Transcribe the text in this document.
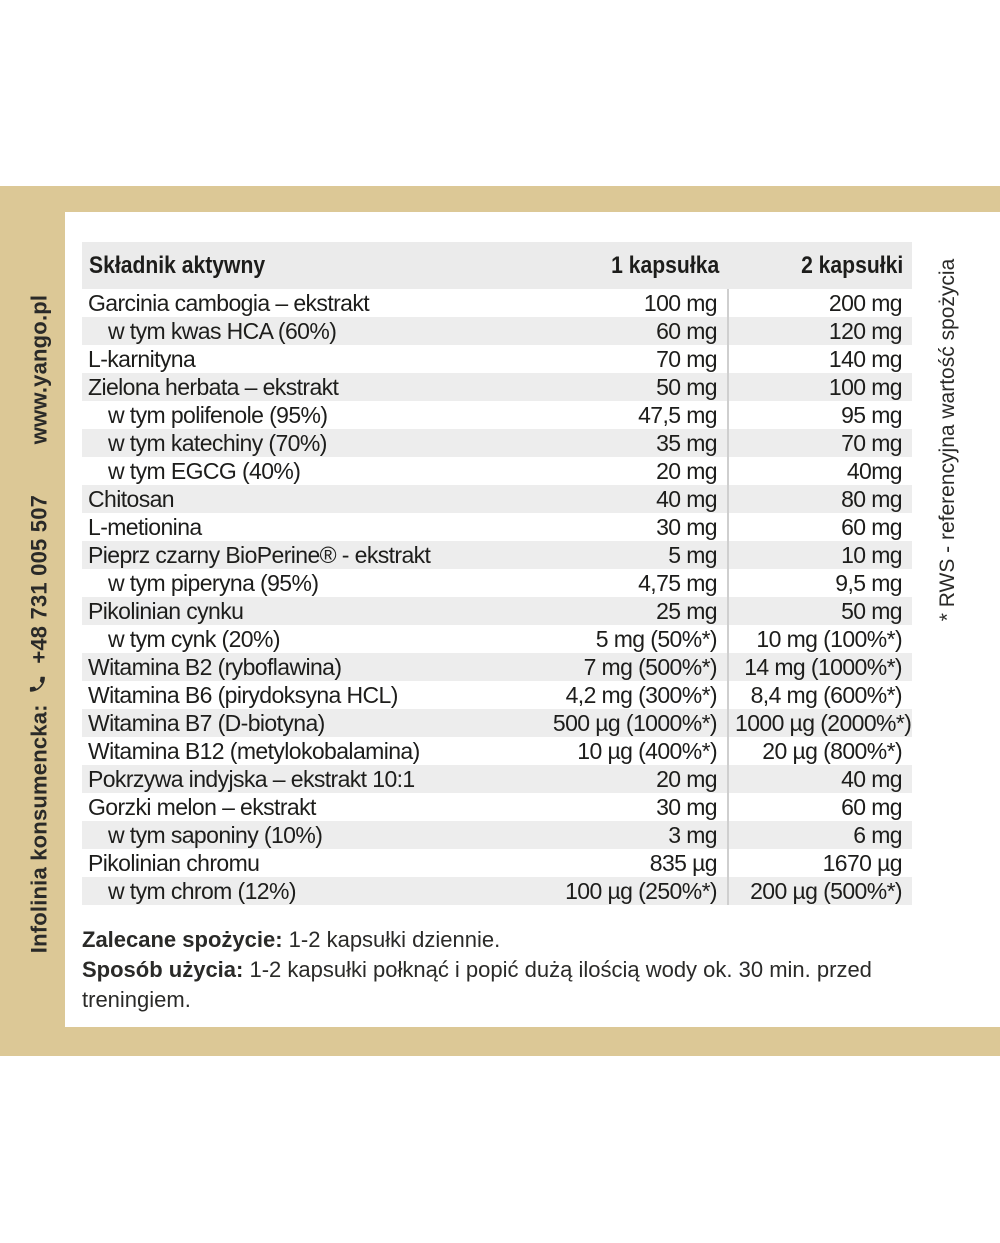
Infolinia konsumencka:  +48 731 005 507  www.yango.pl	* RWS - referencyjna wartość spożycia
Składnik aktywny	1 kapsułka	2 kapsułki
Garcinia cambogia – ekstrakt	100 mg	200 mg
w tym kwas HCA (60%)	60 mg	120 mg
L-karnityna	70 mg	140 mg
Zielona herbata – ekstrakt	50 mg	100 mg
w tym polifenole (95%)	47,5 mg	95 mg
w tym katechiny (70%)	35 mg	70 mg
w tym EGCG (40%)	20 mg	40mg
Chitosan	40 mg	80 mg
L-metionina	30 mg	60 mg
Pieprz czarny BioPerine® - ekstrakt	5 mg	10 mg
w tym piperyna (95%)	4,75 mg	9,5 mg
Pikolinian cynku	25 mg	50 mg
w tym cynk (20%)	5 mg (50%*)	10 mg (100%*)
Witamina B2 (ryboflawina)	7 mg (500%*)	14 mg (1000%*)
Witamina B6 (pirydoksyna HCL)	4,2 mg (300%*)	8,4 mg (600%*)
Witamina B7 (D-biotyna)	500 µg (1000%*)	1000 µg (2000%*)
Witamina B12 (metylokobalamina)	10 µg (400%*)	20 µg (800%*)
Pokrzywa indyjska – ekstrakt 10:1	20 mg	40 mg
Gorzki melon – ekstrakt	30 mg	60 mg
w tym saponiny (10%)	3 mg	6 mg
Pikolinian chromu	835 µg	1670 µg
w tym chrom (12%)	100 µg (250%*)	200 µg (500%*)
Zalecane spożycie: 1-2 kapsułki dziennie.
Sposób użycia: 1-2 kapsułki połknąć i popić dużą ilością wody ok. 30 min. przed treningiem.
